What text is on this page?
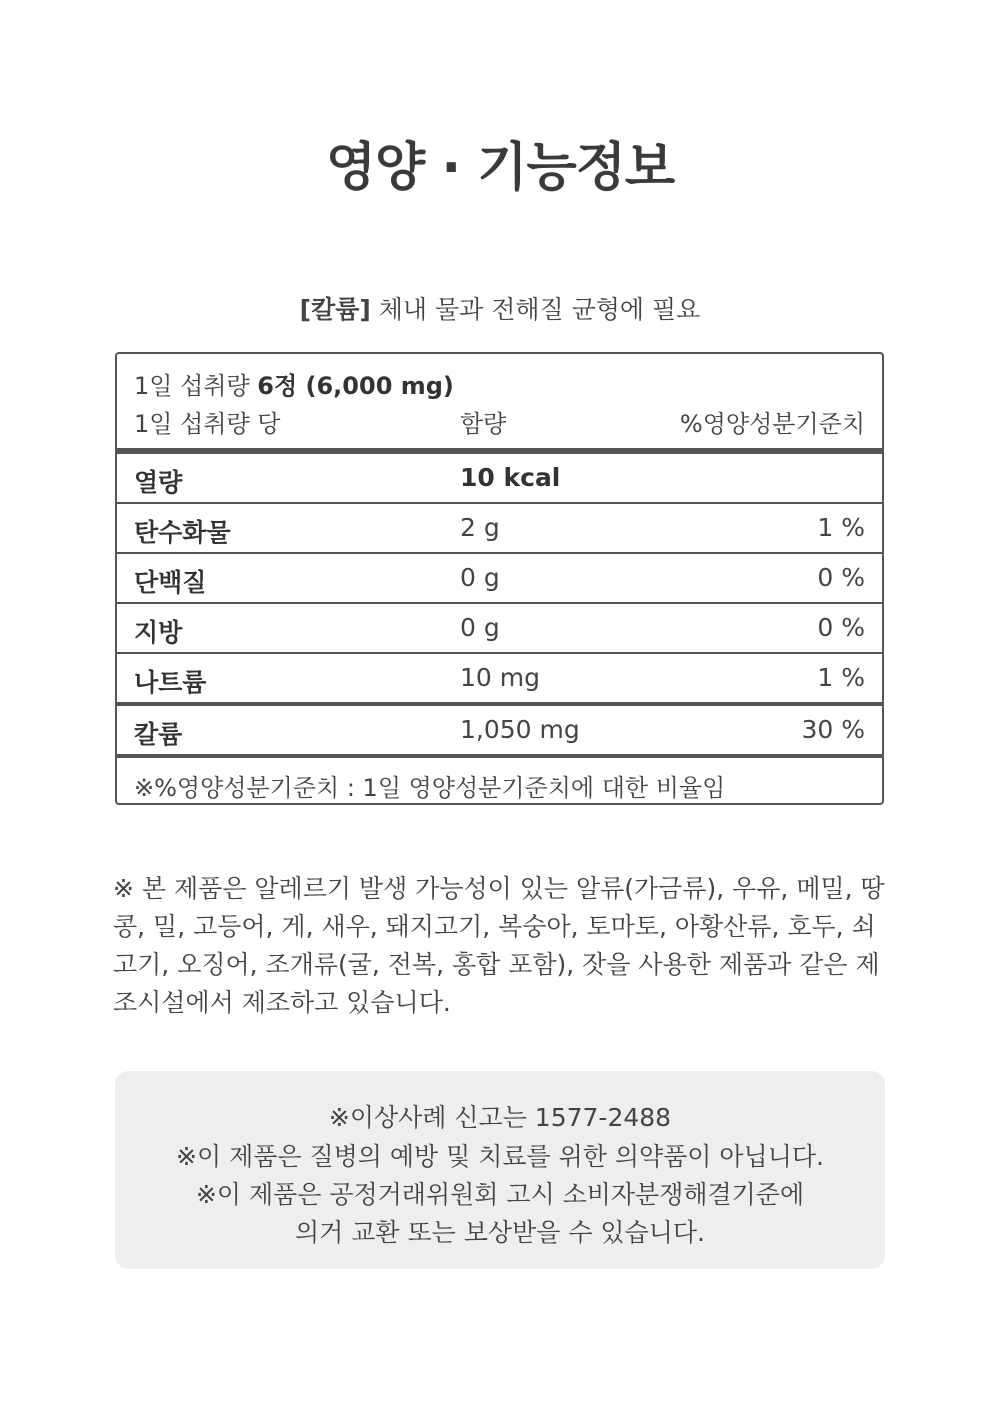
영양 · 기능정보
[칼륨] 체내 물과 전해질 균형에 필요
1일 섭취량 6정 (6,000 mg)
1일 섭취량 당	함량	%영양성분기준치
열량	10 kcal
탄수화물	2 g	1 %
단백질	0 g	0 %
지방	0 g	0 %
나트륨	10 mg	1 %
칼륨	1,050 mg	30 %
※%영양성분기준치 : 1일 영양성분기준치에 대한 비율임
※ 본 제품은 알레르기 발생 가능성이 있는 알류(가금류), 우유, 메밀, 땅콩, 밀, 고등어, 게, 새우, 돼지고기, 복숭아, 토마토, 아황산류, 호두, 쇠고기, 오징어, 조개류(굴, 전복, 홍합 포함), 잣을 사용한 제품과 같은 제조시설에서 제조하고 있습니다.
※이상사례 신고는 1577-2488
※이 제품은 질병의 예방 및 치료를 위한 의약품이 아닙니다.
※이 제품은 공정거래위원회 고시 소비자분쟁해결기준에
의거 교환 또는 보상받을 수 있습니다.
